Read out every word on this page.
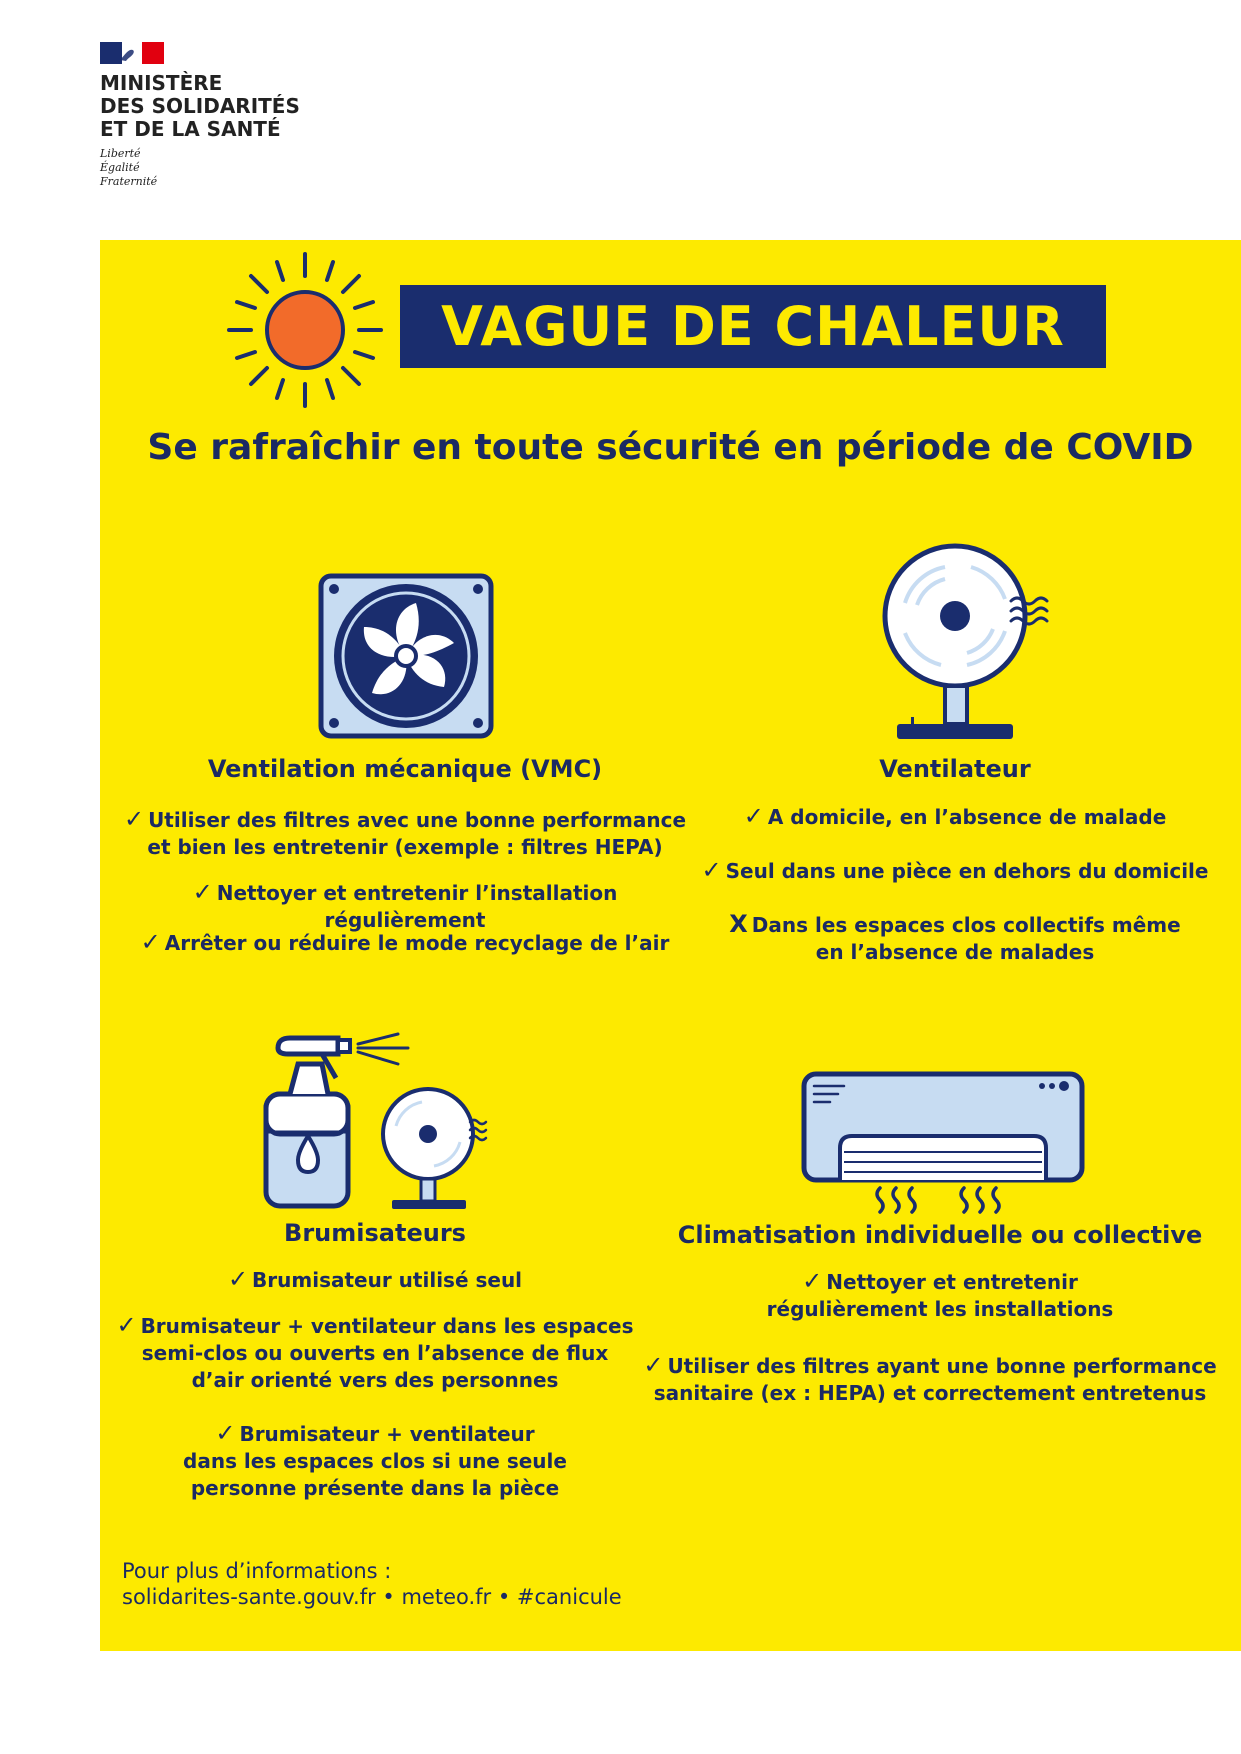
MINISTÈRE
DES SOLIDARITÉS
ET DE LA SANTÉ
Liberté
Égalité
Fraternité
VAGUE DE CHALEUR
Se rafraîchir en toute sécurité en période de COVID
Ventilation mécanique (VMC)
✓ Utiliser des filtres avec une bonne performance
et bien les entretenir (exemple : filtres HEPA)
✓ Nettoyer et entretenir l’installation régulièrement
✓ Arrêter ou réduire le mode recyclage de l’air
Ventilateur
✓ A domicile, en l’absence de malade
✓ Seul dans une pièce en dehors du domicile
X Dans les espaces clos collectifs même
en l’absence de malades
Brumisateurs
✓ Brumisateur utilisé seul
✓ Brumisateur + ventilateur dans les espaces
semi-clos ou ouverts en l’absence de flux
d’air orienté vers des personnes
✓ Brumisateur + ventilateur
dans les espaces clos si une seule
personne présente dans la pièce
Climatisation individuelle ou collective
✓ Nettoyer et entretenir
régulièrement les installations
✓ Utiliser des filtres ayant une bonne performance
sanitaire (ex : HEPA) et correctement entretenus
Pour plus d’informations :
solidarites-sante.gouv.fr • meteo.fr • #canicule
